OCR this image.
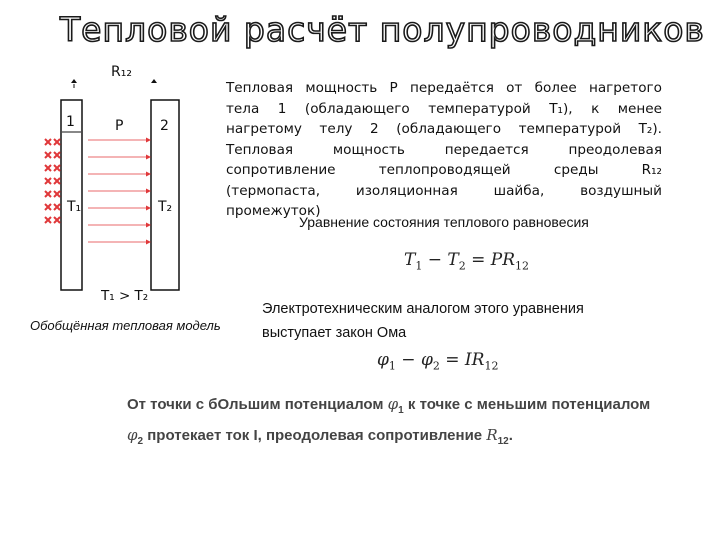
Тепловой расчёт полупроводников
R₁₂
1	2
P
T₁	T₂
T₁ > T₂
Обобщённая тепловая модель
Тепловая мощность P передаётся от более нагретого
тела 1 (обладающего температурой T₁), к менее
нагретому телу 2 (обладающего температурой T₂).
Тепловая мощность передается преодолевая
сопротивление теплопроводящей среды R₁₂
(термопаста, изоляционная шайба, воздушный
промежуток)
Уравнение состояния теплового равновесия
$T_1 - T_2 = PR_{12}$
Электротехническим аналогом этого уравнения
выступает закон Ома
$\varphi_1 - \varphi_2 = IR_{12}$
От точки с бОльшим потенциалом $\varphi_1$ к точке с меньшим потенциалом
$\varphi_2$ протекает ток I, преодолевая сопротивление $R_{12}$.
